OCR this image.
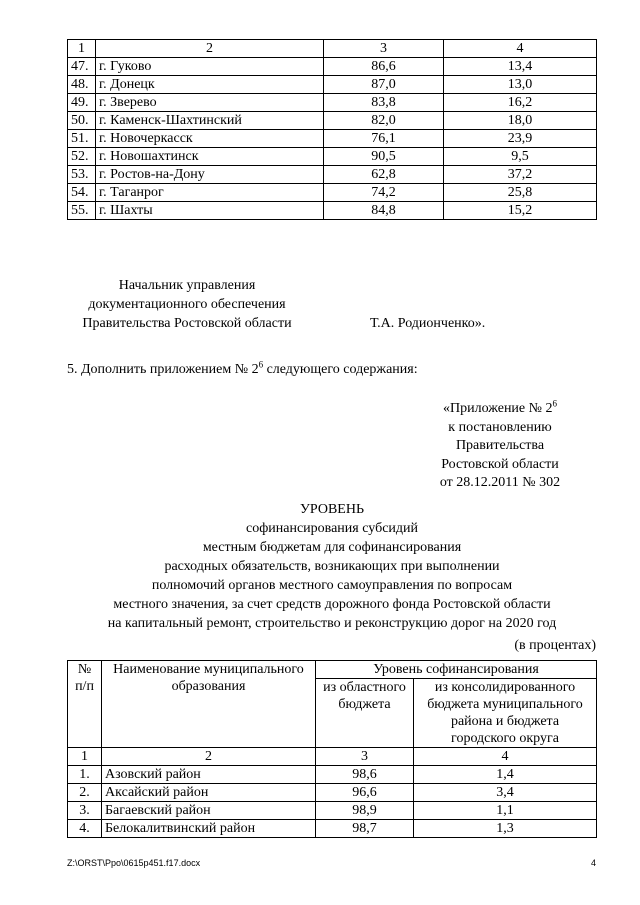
1	2	3	4
47.	г. Гуково	86,6	13,4
48.	г. Донецк	87,0	13,0
49.	г. Зверево	83,8	16,2
50.	г. Каменск-Шахтинский	82,0	18,0
51.	г. Новочеркасск	76,1	23,9
52.	г. Новошахтинск	90,5	9,5
53.	г. Ростов-на-Дону	62,8	37,2
54.	г. Таганрог	74,2	25,8
55.	г. Шахты	84,8	15,2
Начальник управления
документационного обеспечения
Правительства Ростовской области	Т.А. Родионченко».
5. Дополнить приложением № $2^6$ следующего содержания:
«Приложение № $2^6$
к постановлению
Правительства
Ростовской области
от 28.12.2011 № 302
УРОВЕНЬ
софинансирования субсидий
местным бюджетам для софинансирования
расходных обязательств, возникающих при выполнении
полномочий органов местного самоуправления по вопросам
местного значения, за счет средств дорожного фонда Ростовской области
на капитальный ремонт, строительство и реконструкцию дорог на 2020 год
(в процентах)
№ п/п	Наименование муниципального образования	Уровень софинансирования	
		из областного бюджета	из консолидированного бюджета муниципального района и бюджета городского округа
1	2	3	4
1.	Азовский район	98,6	1,4
2.	Аксайский район	96,6	3,4
3.	Багаевский район	98,9	1,1
4.	Белокалитвинский район	98,7	1,3
Z:\ORST\Ppo\0615p451.f17.docx	4
